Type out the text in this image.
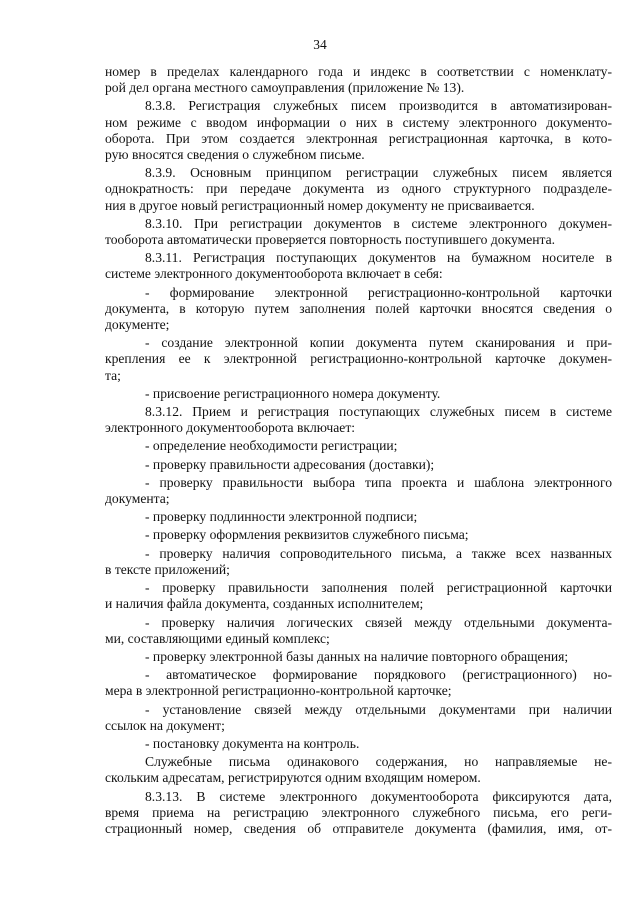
34
номер в пределах календарного года и индекс в соответствии с номенклату-
рой дел органа местного самоуправления (приложение № 13).
8.3.8. Регистрация служебных писем производится в автоматизирован-
ном режиме с вводом информации о них в систему электронного документо-
оборота. При этом создается электронная регистрационная карточка, в кото-
рую вносятся сведения о служебном письме.
8.3.9. Основным принципом регистрации служебных писем является
однократность: при передаче документа из одного структурного подразделе-
ния в другое новый регистрационный номер документу не присваивается.
8.3.10. При регистрации документов в системе электронного докумен-
тооборота автоматически проверяется повторность поступившего документа.
8.3.11. Регистрация поступающих документов на бумажном носителе в
системе электронного документооборота включает в себя:
- формирование электронной регистрационно-контрольной карточки
документа, в которую путем заполнения полей карточки вносятся сведения о
документе;
- создание электронной копии документа путем сканирования и при-
крепления ее к электронной регистрационно-контрольной карточке докумен-
та;
- присвоение регистрационного номера документу.
8.3.12. Прием и регистрация поступающих служебных писем в системе
электронного документооборота включает:
- определение необходимости регистрации;
- проверку правильности адресования (доставки);
- проверку правильности выбора типа проекта и шаблона электронного
документа;
- проверку подлинности электронной подписи;
- проверку оформления реквизитов служебного письма;
- проверку наличия сопроводительного письма, а также всех названных
в тексте приложений;
- проверку правильности заполнения полей регистрационной карточки
и наличия файла документа, созданных исполнителем;
- проверку наличия логических связей между отдельными документа-
ми, составляющими единый комплекс;
- проверку электронной базы данных на наличие повторного обращения;
- автоматическое формирование порядкового (регистрационного) но-
мера в электронной регистрационно-контрольной карточке;
- установление связей между отдельными документами при наличии
ссылок на документ;
- постановку документа на контроль.
Служебные письма одинакового содержания, но направляемые не-
скольким адресатам, регистрируются одним входящим номером.
8.3.13. В системе электронного документооборота фиксируются дата,
время приема на регистрацию электронного служебного письма, его реги-
страционный номер, сведения об отправителе документа (фамилия, имя, от-
